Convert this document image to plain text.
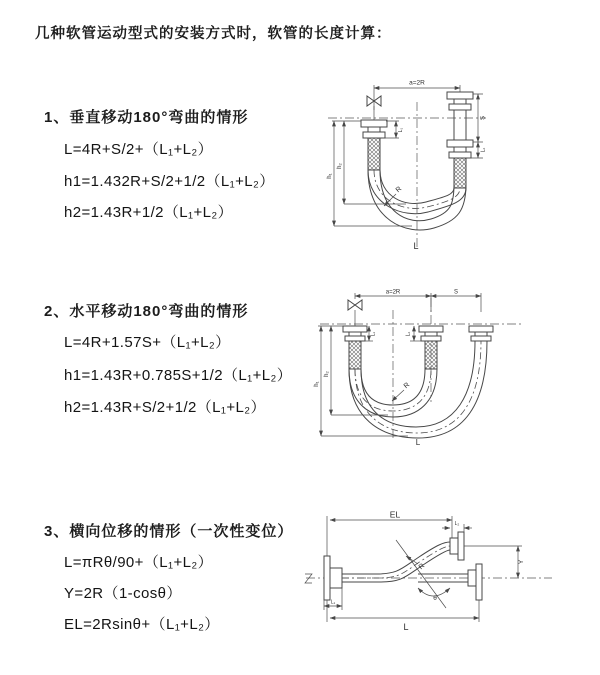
几种软管运动型式的安装方式时，软管的长度计算：
1、垂直移动180°弯曲的情形
L=4R+S/2+（L₁+L₂）
h1=1.432R+S/2+1/2（L₁+L₂）
h2=1.43R+1/2（L₁+L₂）
a=2R
h₁
h₂
L₁
S
L₂
R
L
2、水平移动180°弯曲的情形
L=4R+1.57S+（L₁+L₂）
h1=1.43R+0.785S+1/2（L₁+L₂）
h2=1.43R+S/2+1/2（L₁+L₂）
a=2R	S
h₁
h₂
L₁	L₂
R
L
3、横向位移的情形（一次性变位）
L=πRθ/90+（L₁+L₂）
Y=2R（1-cosθ）
EL=2Rsinθ+（L₁+L₂）
EL
L₂
Y
θ
R
L₁
L
